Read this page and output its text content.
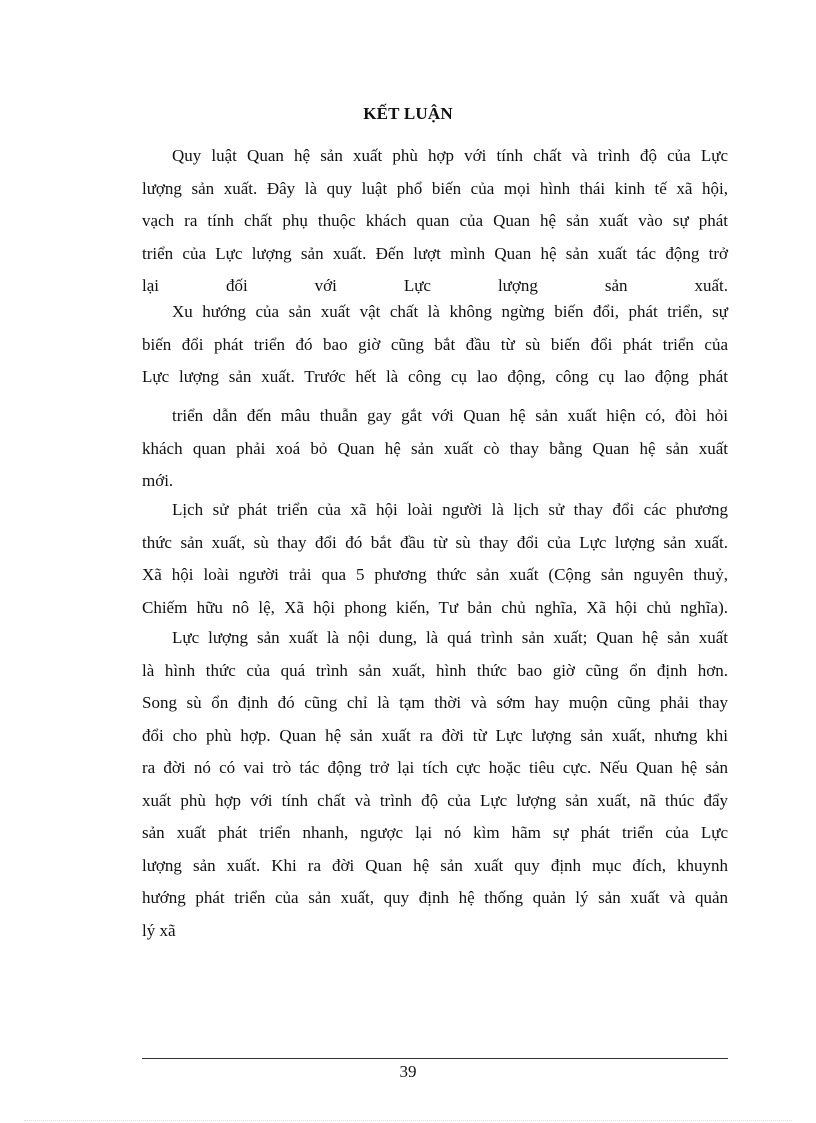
KẾT LUẬN

Quy luật Quan hệ sản xuất phù hợp với tính chất và trình độ của Lực
lượng sản xuất. Đây là quy luật phổ biến của mọi hình thái kinh tế xã hội,
vạch ra tính chất phụ thuộc khách quan của Quan hệ sản xuất vào sự phát
triển của Lực lượng sản xuất. Đến lượt mình Quan hệ sản xuất tác động trở
lại đối với Lực lượng sản xuất.

Xu hướng của sản xuất vật chất là không ngừng biến đổi, phát triển, sự
biến đổi phát triển đó bao giờ cũng bắt đầu từ sù biến đổi phát triển của
Lực lượng sản xuất. Trước hết là công cụ lao động, công cụ lao động phát

triển dẫn đến mâu thuẫn gay gắt với Quan hệ sản xuất hiện có, đòi hỏi
khách quan phải xoá bỏ Quan hệ sản xuất cò thay bằng Quan hệ sản xuất
mới.

Lịch sử phát triển của xã hội loài người là lịch sử thay đổi các phương
thức sản xuất, sù thay đổi đó bắt đầu từ sù thay đổi của Lực lượng sản xuất.
Xã hội loài người trải qua 5 phương thức sản xuất (Cộng sản nguyên thuỷ,
Chiếm hữu nô lệ, Xã hội phong kiến, Tư bản chủ nghĩa, Xã hội chủ nghĩa).

Lực lượng sản xuất là nội dung, là quá trình sản xuất; Quan hệ sản xuất
là hình thức của quá trình sản xuất, hình thức bao giờ cũng ổn định hơn.
Song sù ổn định đó cũng chỉ là tạm thời và sớm hay muộn cũng phải thay
đổi cho phù hợp. Quan hệ sản xuất ra đời từ Lực lượng sản xuất, nhưng khi
ra đời nó có vai trò tác động trở lại tích cực hoặc tiêu cực. Nếu Quan hệ sản
xuất phù hợp với tính chất và trình độ của Lực lượng sản xuất, nã thúc đẩy
sản xuất phát triển nhanh, ngược lại nó kìm hãm sự phát triển của Lực
lượng sản xuất. Khi ra đời Quan hệ sản xuất quy định mục đích, khuynh
hướng phát triển của sản xuất, quy định hệ thống quản lý sản xuất và quản
lý xã

39
